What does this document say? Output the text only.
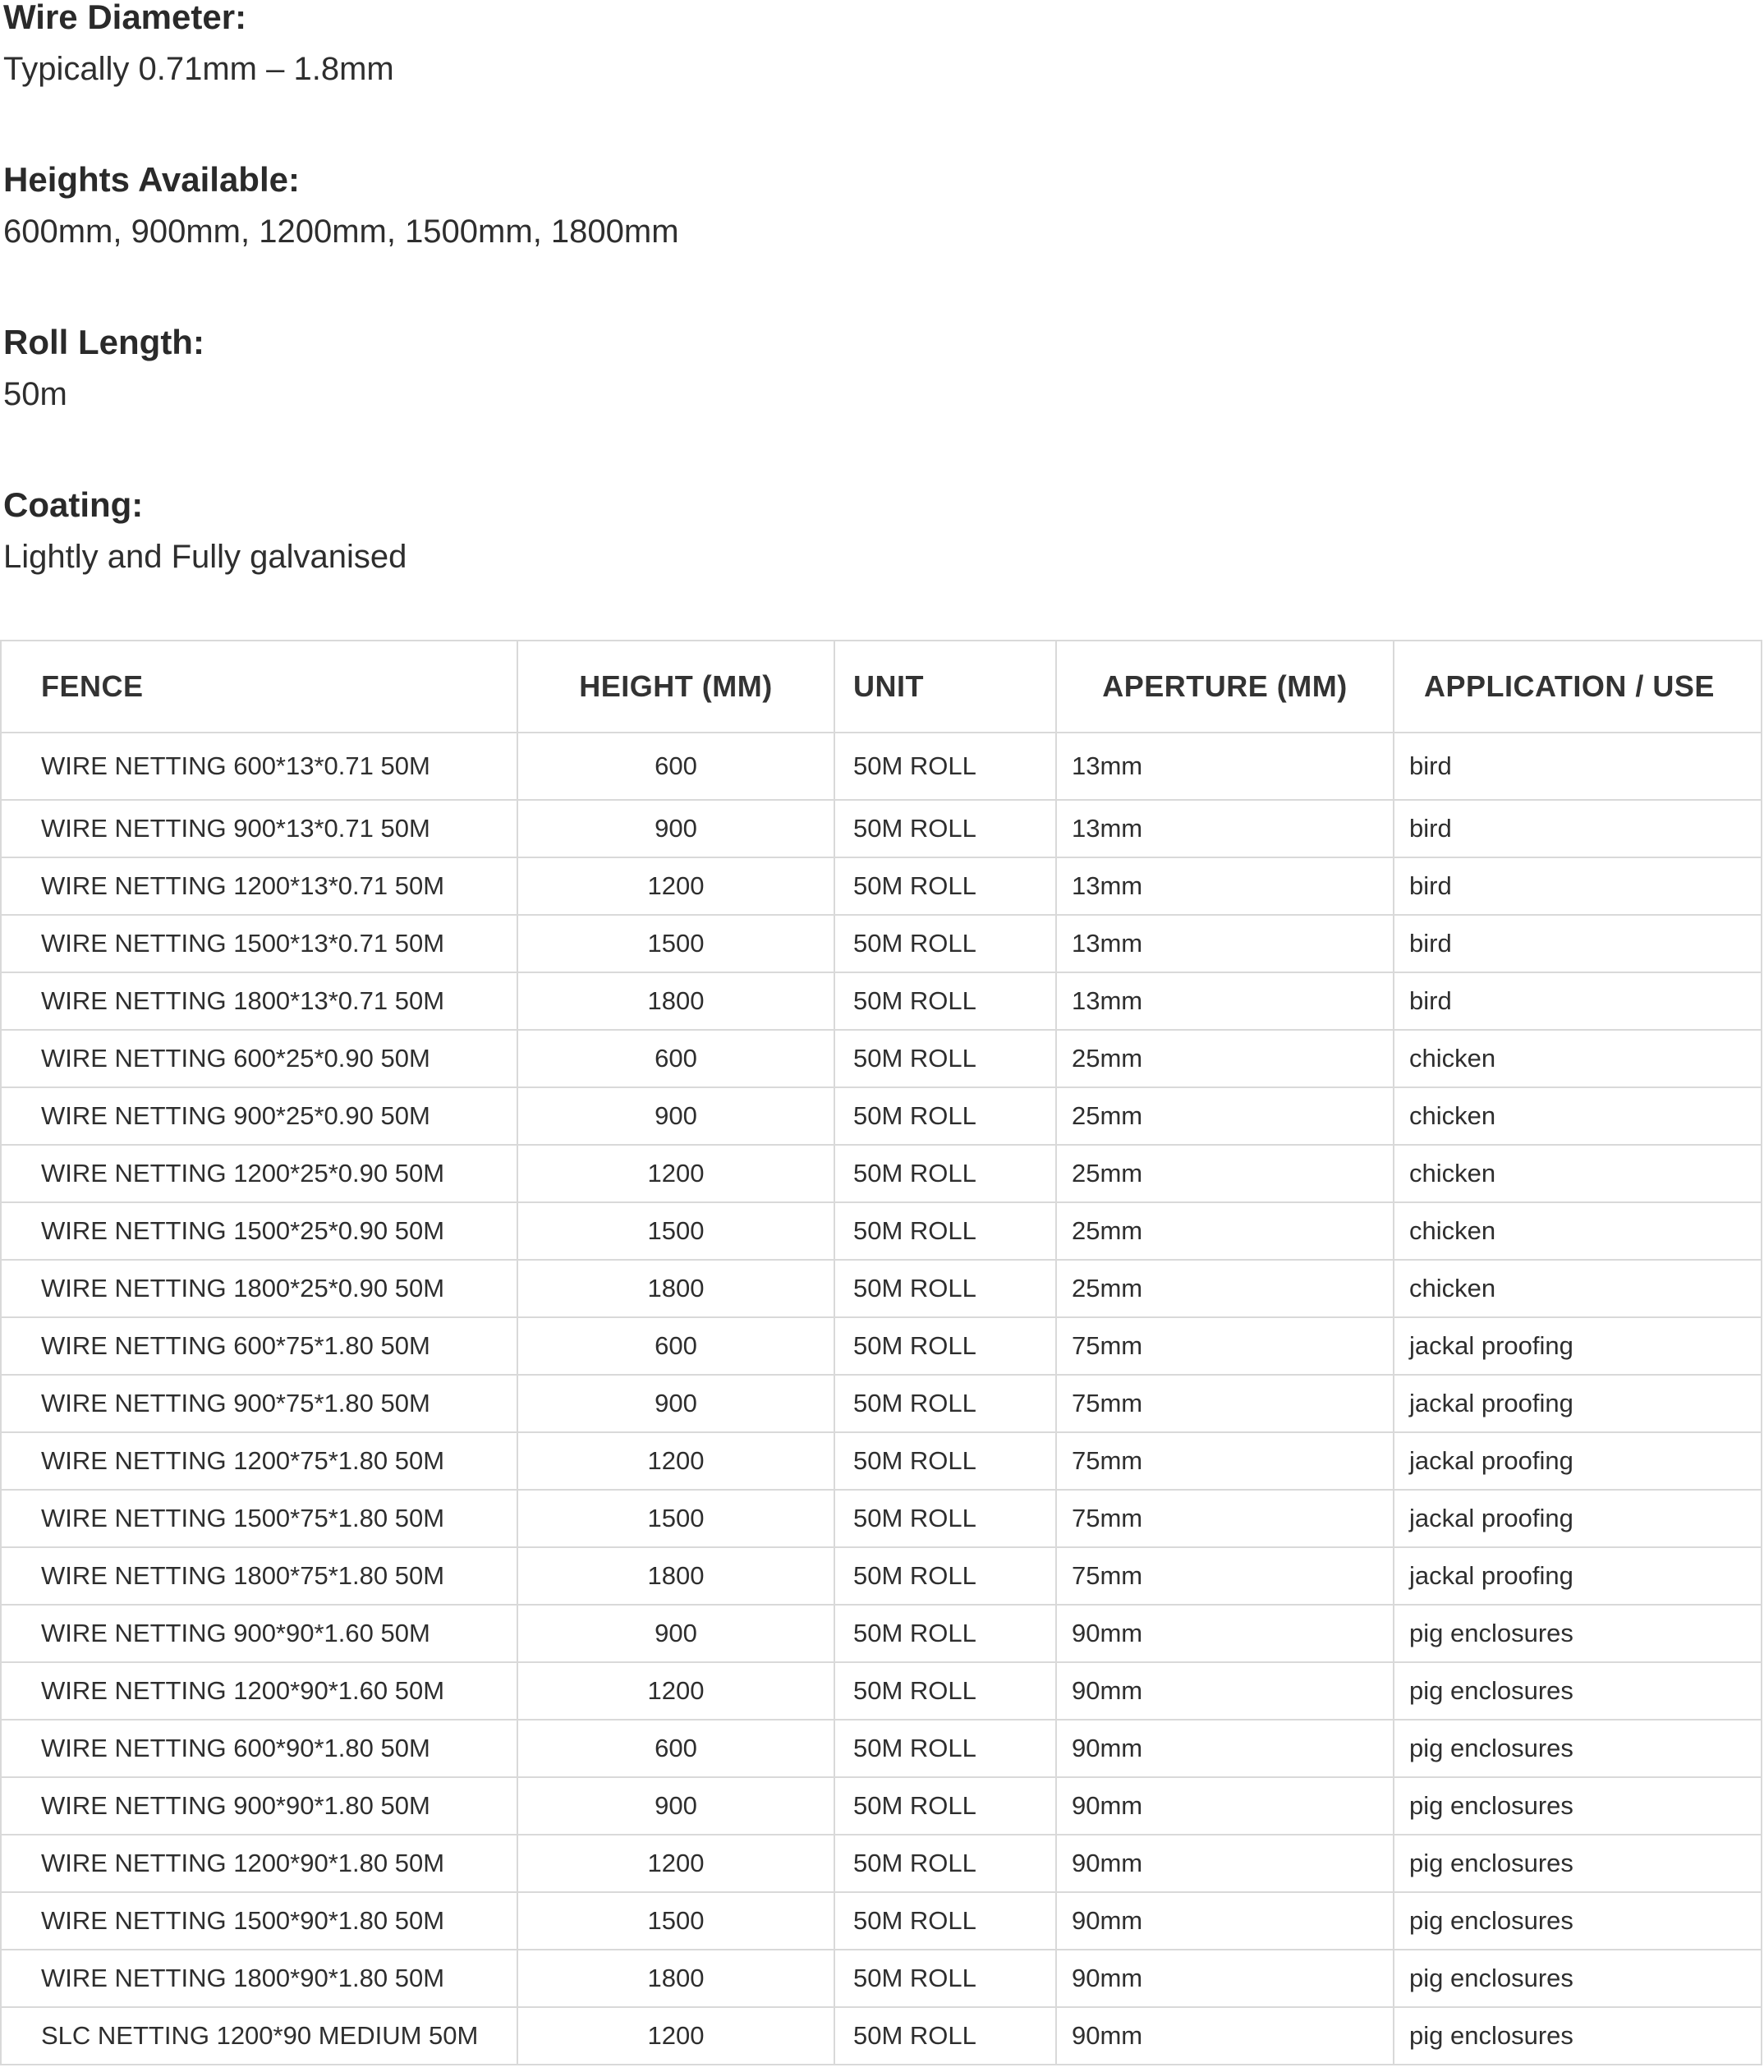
Wire Diameter:
Typically 0.71mm – 1.8mm
Heights Available:
600mm, 900mm, 1200mm, 1500mm, 1800mm
Roll Length:
50m
Coating:
Lightly and Fully galvanised
FENCE	HEIGHT (MM)	UNIT	APERTURE (MM)	APPLICATION / USE
WIRE NETTING 600*13*0.71 50M	600	50M ROLL	13mm	bird
WIRE NETTING 900*13*0.71 50M	900	50M ROLL	13mm	bird
WIRE NETTING 1200*13*0.71 50M	1200	50M ROLL	13mm	bird
WIRE NETTING 1500*13*0.71 50M	1500	50M ROLL	13mm	bird
WIRE NETTING 1800*13*0.71 50M	1800	50M ROLL	13mm	bird
WIRE NETTING 600*25*0.90 50M	600	50M ROLL	25mm	chicken
WIRE NETTING 900*25*0.90 50M	900	50M ROLL	25mm	chicken
WIRE NETTING 1200*25*0.90 50M	1200	50M ROLL	25mm	chicken
WIRE NETTING 1500*25*0.90 50M	1500	50M ROLL	25mm	chicken
WIRE NETTING 1800*25*0.90 50M	1800	50M ROLL	25mm	chicken
WIRE NETTING 600*75*1.80 50M	600	50M ROLL	75mm	jackal proofing
WIRE NETTING 900*75*1.80 50M	900	50M ROLL	75mm	jackal proofing
WIRE NETTING 1200*75*1.80 50M	1200	50M ROLL	75mm	jackal proofing
WIRE NETTING 1500*75*1.80 50M	1500	50M ROLL	75mm	jackal proofing
WIRE NETTING 1800*75*1.80 50M	1800	50M ROLL	75mm	jackal proofing
WIRE NETTING 900*90*1.60 50M	900	50M ROLL	90mm	pig enclosures
WIRE NETTING 1200*90*1.60 50M	1200	50M ROLL	90mm	pig enclosures
WIRE NETTING 600*90*1.80 50M	600	50M ROLL	90mm	pig enclosures
WIRE NETTING 900*90*1.80 50M	900	50M ROLL	90mm	pig enclosures
WIRE NETTING 1200*90*1.80 50M	1200	50M ROLL	90mm	pig enclosures
WIRE NETTING 1500*90*1.80 50M	1500	50M ROLL	90mm	pig enclosures
WIRE NETTING 1800*90*1.80 50M	1800	50M ROLL	90mm	pig enclosures
SLC NETTING 1200*90 MEDIUM 50M	1200	50M ROLL	90mm	pig enclosures
